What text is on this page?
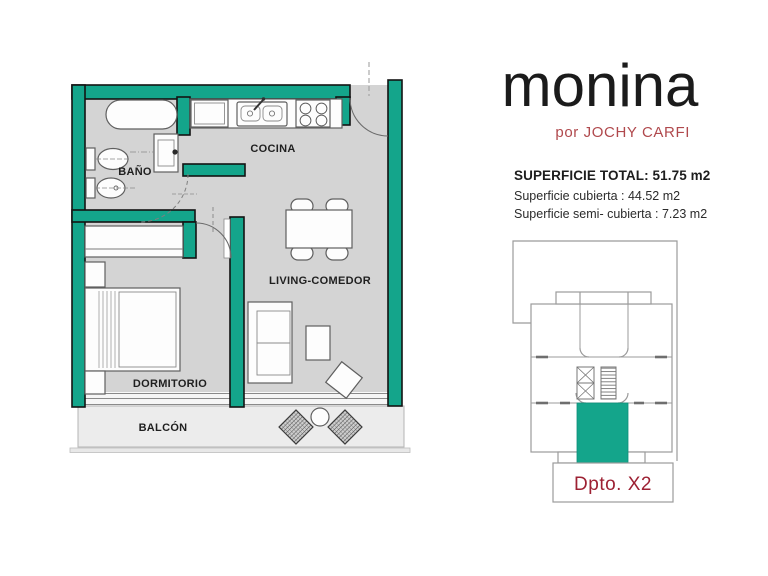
BAÑO
COCINA
LIVING-COMEDOR
DORMITORIO
BALCÓN
Dpto. X2
monina
por JOCHY CARFI
SUPERFICIE TOTAL: 51.75 m2
Superficie cubierta : 44.52 m2
Superficie semi- cubierta : 7.23 m2
